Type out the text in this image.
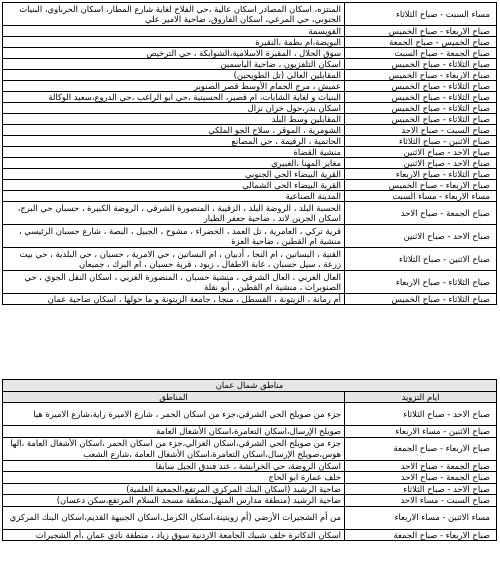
مساء السبت - صباح الثلاثاء	المنتزه، اسكان المصادر اسكان عالية ،حي الفلاح لغاية شارع المطار، اسكان الحرباوي، البنيات الجنوبي، حي المرعي، اسكان الفاروق، ضاحية الامير علي
صباح الاربعاء - صباح الخميس	القويسمة
صباح الخميس - صباح الجمعة	البويضة،ام بطمة ،النقيرة
صباح الجمعة - صباح السبت	سوق الحلال ، المقبرة الاسلامية،الشوابكة ، حي الترخيص
صباح الثلاثاء - صباح الخميس	اسكان التلفزيون ، ضاحية الياسمين
صباح الاربعاء - صباح الخميس	المقابلين العالي (تل الطويحين)
صباح الثلاثاء - صباح الخميس	عميش ، مرج الحمام الأوسط قصر الصنوبر
صباح الثلاثاء - صباح الخميس	البنيات و لغاية الشابات، ام قصير، الحسينية ،حي ابو الراغب ،حي الدروع،سعيد الوكالة
صباح الثلاثاء - صباح الخميس	اسكان بدر،حول خزان نزال
صباح الثلاثاء - صباح الخميس	المقابلين وسط البلد
صباح السبت - صباح الاحد	الشومرية ، الموقر ، سلاح الجو الملكي
صباح الاثنين - صباح الثلاثاء	الحاتمية ، الرقيمة ، حي المصانع
صباح الاحد - صباح الاثنين	منشية القضاة
صباح الاحد - صباح الاثنين	مغاير المهنا ،الغبيري
صباح الثلاثاء - صباح الاربعاء	القرية البيضاء الحي الجنوبي
صباح الاربعاء - صباح الخميس	القرية البيضاء الحي الشمالي
مساء الاربعاء - مساء السبت	المدينة الصناعية
صباح الجمعة - صباح الاحد	الحسبة البلد ، الروضة البلد ، الزقيبة ، المنصورة الشرقي ، الروضة الكبيرة ، حسبان حي البرج، اسكان الجرين لاند ، ضاحية جعفر الطيار
صباح الاحد - صباح الاثنين	قرية تركي ، العامرية ، تل العمد ، الخضراء ، مشوح ، الجبيل ، البصة ، شارع حسبان الرئيسي ، منشية ام القطين ، ضاحية العزة
صباح الاثنين - صباح الثلاثاء	القنية ، البساتين ، ام النجا ، أدبيان ، ام البساتين ، حي الامرية ، حسبان ، حي البلدية ، حي بيت زرعة ، سيل حسبان ، غابة الاطفال ، زبود ، قرية حسبان ، ام البرك ، جميعان
صباح الثلاثاء - صباح الاربعاء	العال الغربي ، العال الشرقي ، منشية حسبان ، المنصورة الغربي ، اسكان النقل الجوي ، حي الصنوبرات ، منشية ام القطين ، أبو نقلة
صباح الثلاثاء - صباح الخميس	أم رمانة ، الزيتونة ، القسطل ، منجا ، جامعة الزيتونة و ما حولها ، اسكان ضاحية عمان
مناطق شمال عمان	
ايام التزويد	المناطق
صباح الاحد - صباح الثلاثاء	جزء من صويلح الحي الشرقي،جزء من اسكان الحمر ، شارع الاميرة راية،شارع الاميرة هيا
صباح الاثنين - مساء الاربعاء	صويلح الإرسال،اسكان التعامرة،اسكان الأشغال العامة
صباح الاربعاء - صباح الجمعة	جزء من صويلح الحي الشرقي،اسكان الغزالي،جزء من اسكان الحمر ،اسكان الأشغال العامة ،الها هوس،صويلح الإرسال،اسكان التعامرة،اسكان الأشغال العامة ،شارع الشعب
صباح الجمعة - صباح الاحد	اسكان الروضة، حي الخرابشة ، عند فندق الجبل سابقا
صباح الجمعة - صباح الاحد	خلف عمارة ابو الحاج
صباح الاحد - صباح الثلاثاء	ضاحية الرشيد (اسكان البنك المركزي المرتفع،الجمعية العلمية)
صباح السبت - مساء الاحد	ضاحية الرشيد (منطقة مدارس المنهل،منطقة مسجد السلام المرتفع،سكن دعسان)
مساء الاثنين - مساء الاربعاء	من أم الشجيرات الأرضي (أم زويتينة،اسكان الكرمل،اسكان الجبيهة القديم،اسكان البنك المركزي
صباح الاربعاء - صباح الجمعة	اسكان الدكاترة خلف شبيك الجامعة الاردنية سوق زياد ، منطقة نادي عمان ،أم الشجيرات
